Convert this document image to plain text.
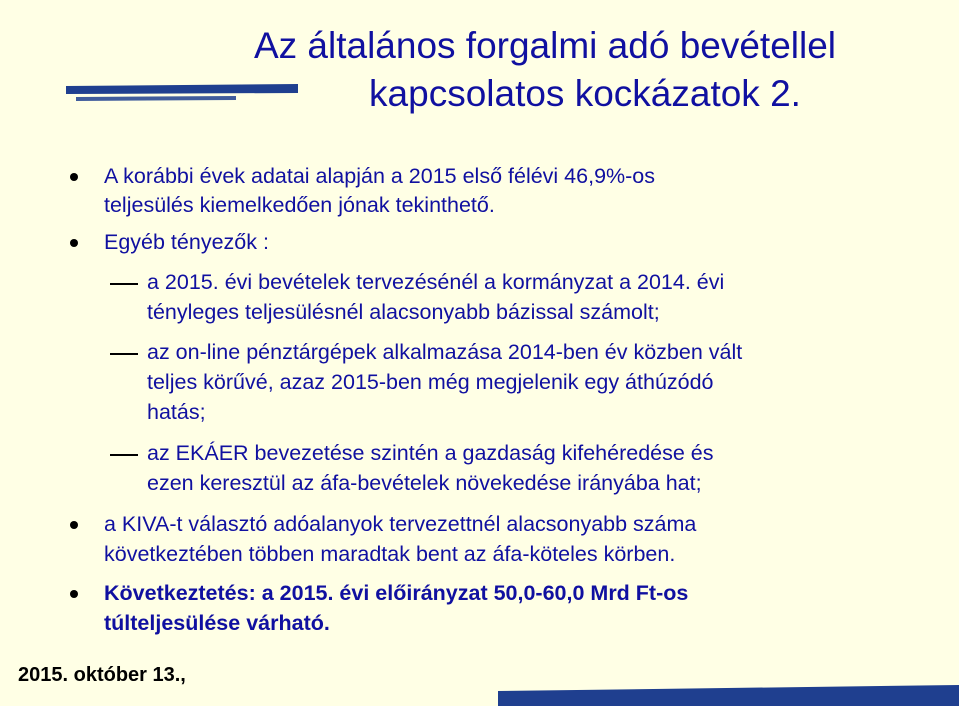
Az általános forgalmi adó bevétellel
kapcsolatos kockázatok 2.
A korábbi évek adatai alapján a 2015 első félévi 46,9%-os
teljesülés kiemelkedően jónak tekinthető.
Egyéb tényezők :
a 2015. évi bevételek tervezésénél a kormányzat a 2014. évi
tényleges teljesülésnél alacsonyabb bázissal számolt;
az on-line pénztárgépek alkalmazása 2014-ben év közben vált
teljes körűvé, azaz 2015-ben még megjelenik egy áthúzódó
hatás;
az EKÁER bevezetése szintén a gazdaság kifehéredése és
ezen keresztül az áfa-bevételek növekedése irányába hat;
a KIVA-t választó adóalanyok tervezettnél alacsonyabb száma
következtében többen maradtak bent az áfa-köteles körben.
Következtetés: a 2015. évi előirányzat 50,0-60,0 Mrd Ft-os
túlteljesülése várható.
2015. október 13.,
